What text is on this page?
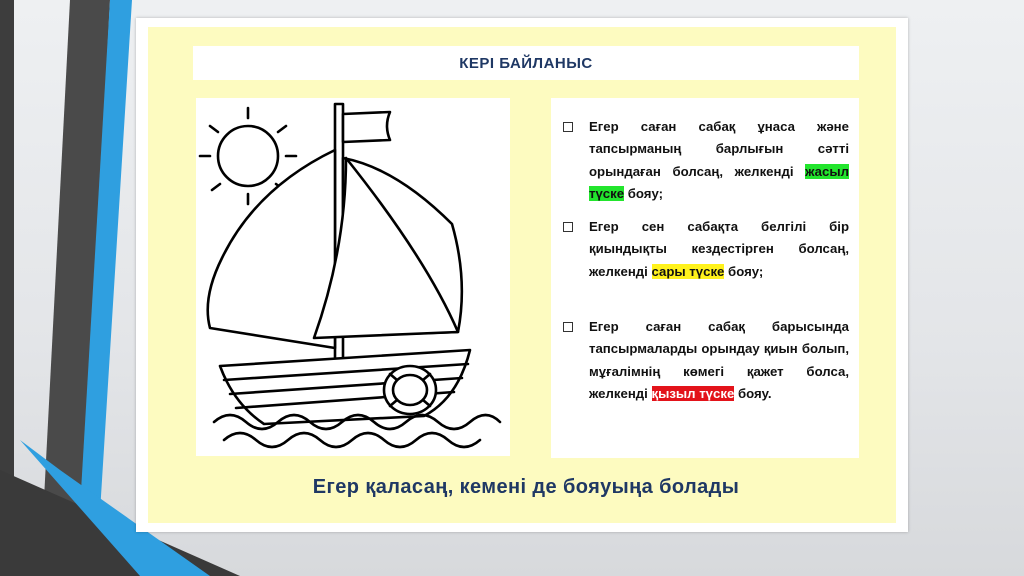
КЕРІ БАЙЛАНЫС
Егер саған сабақ ұнаса және тапсырманың барлығын сәтті орындаған болсаң, желкенді жасыл түске бояу;
Егер сен сабақта белгілі бір қиындықты кездестірген болсаң, желкенді сары түске бояу;
Егер саған сабақ барысында тапсырмаларды орындау қиын болып, мұғалімнің көмегі қажет болса, желкенді қызыл түске бояу.
Егер қаласаң, кемені де бояуыңа болады
